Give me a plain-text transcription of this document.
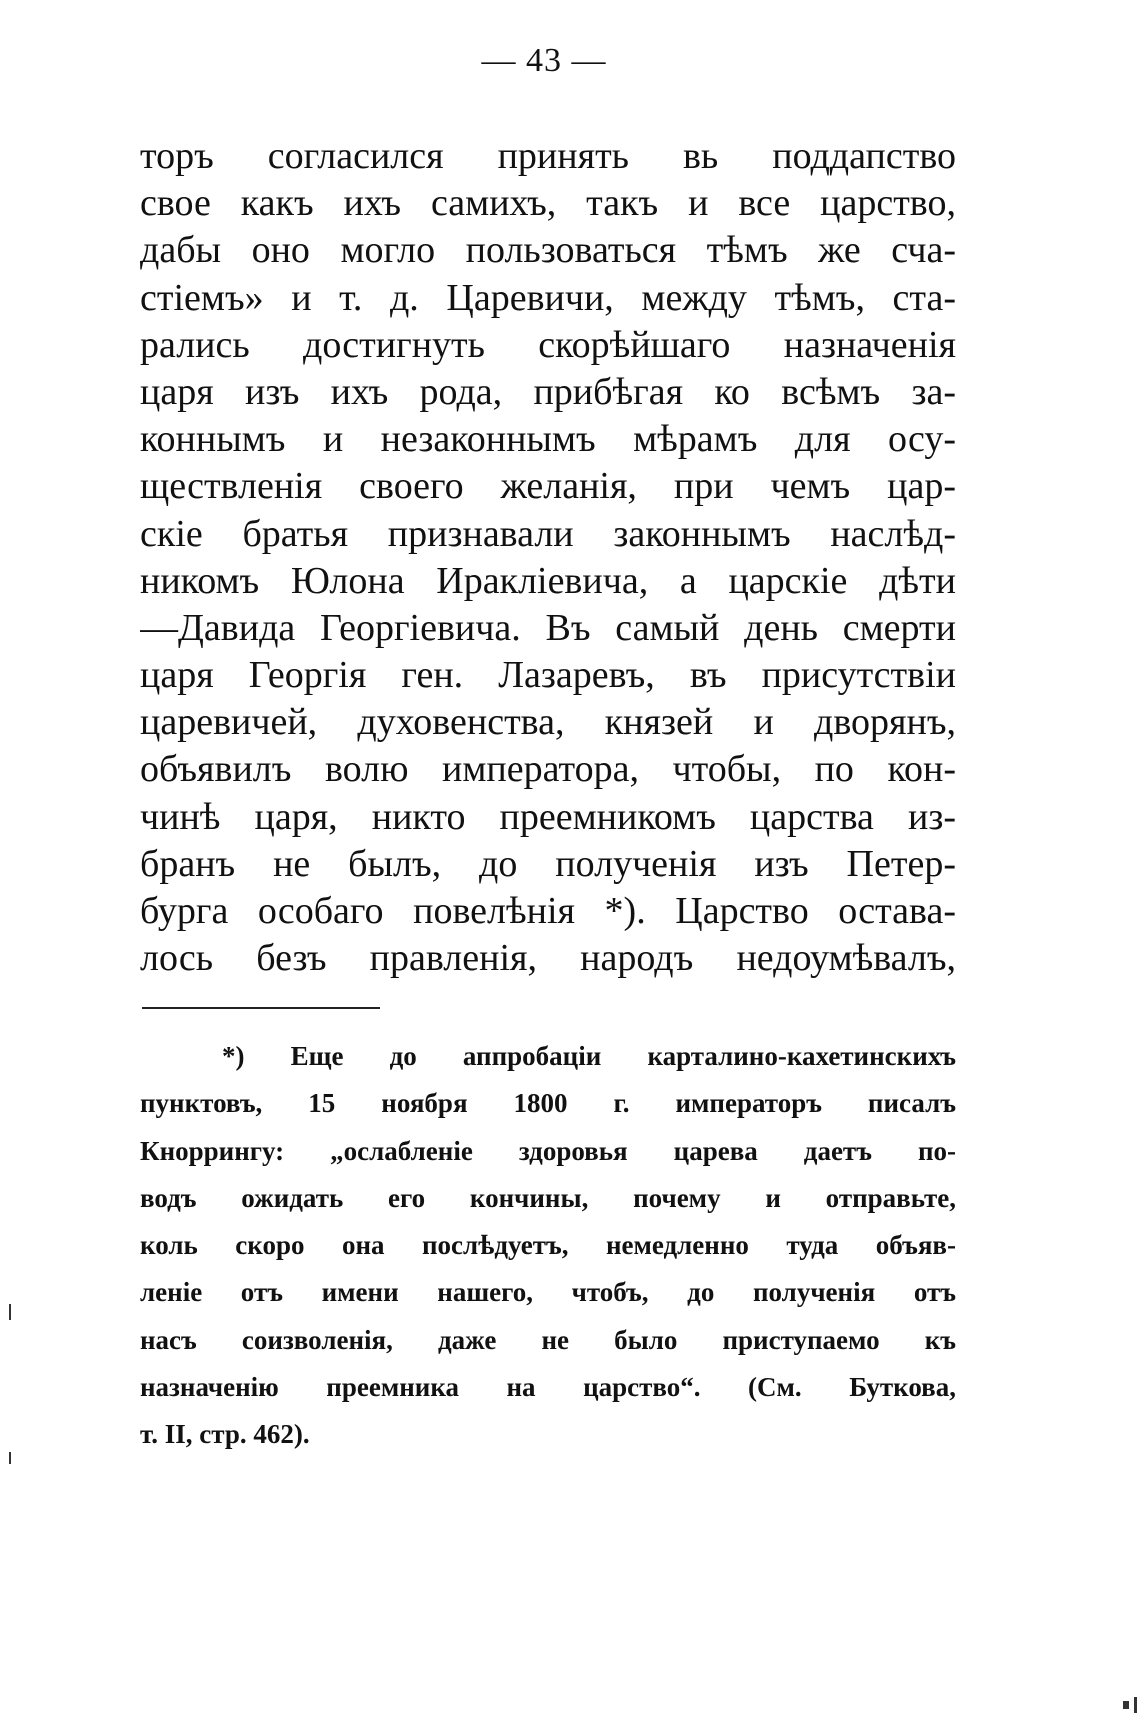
— 43 —
торъ согласился принять вь поддапство
свое какъ ихъ самихъ, такъ и все царство,
дабы оно могло пользоваться тѣмъ же сча-
стіемъ» и т. д. Царевичи, между тѣмъ, ста-
рались достигнуть скорѣйшаго назначенія
царя изъ ихъ рода, прибѣгая ко всѣмъ за-
коннымъ и незаконнымъ мѣрамъ для осу-
ществленія своего желанія, при чемъ цар-
скіе братья признавали законнымъ наслѣд-
никомъ Юлона Иракліевича, а царскіе дѣти
—Давида Георгіевича. Въ самый день смерти
царя Георгія ген. Лазаревъ, въ присутствіи
царевичей, духовенства, князей и дворянъ,
объявилъ волю императора, чтобы, по кон-
чинѣ царя, никто преемникомъ царства из-
бранъ не былъ, до полученія изъ Петер-
бурга особаго повелѣнія *). Царство остава-
лось безъ правленія, народъ недоумѣвалъ,
*) Еще до аппробаціи карталино-кахетинскихъ
пунктовъ, 15 ноября 1800 г. императоръ писалъ
Кноррингу: „ослабленіе здоровья царева даетъ по-
водъ ожидать его кончины, почему и отправьте,
коль скоро она послѣдуетъ, немедленно туда объяв-
леніе отъ имени нашего, чтобъ, до полученія отъ
насъ соизволенія, даже не было приступаемо къ
назначенію преемника на царство“. (См. Буткова,
т. II, стр. 462).
